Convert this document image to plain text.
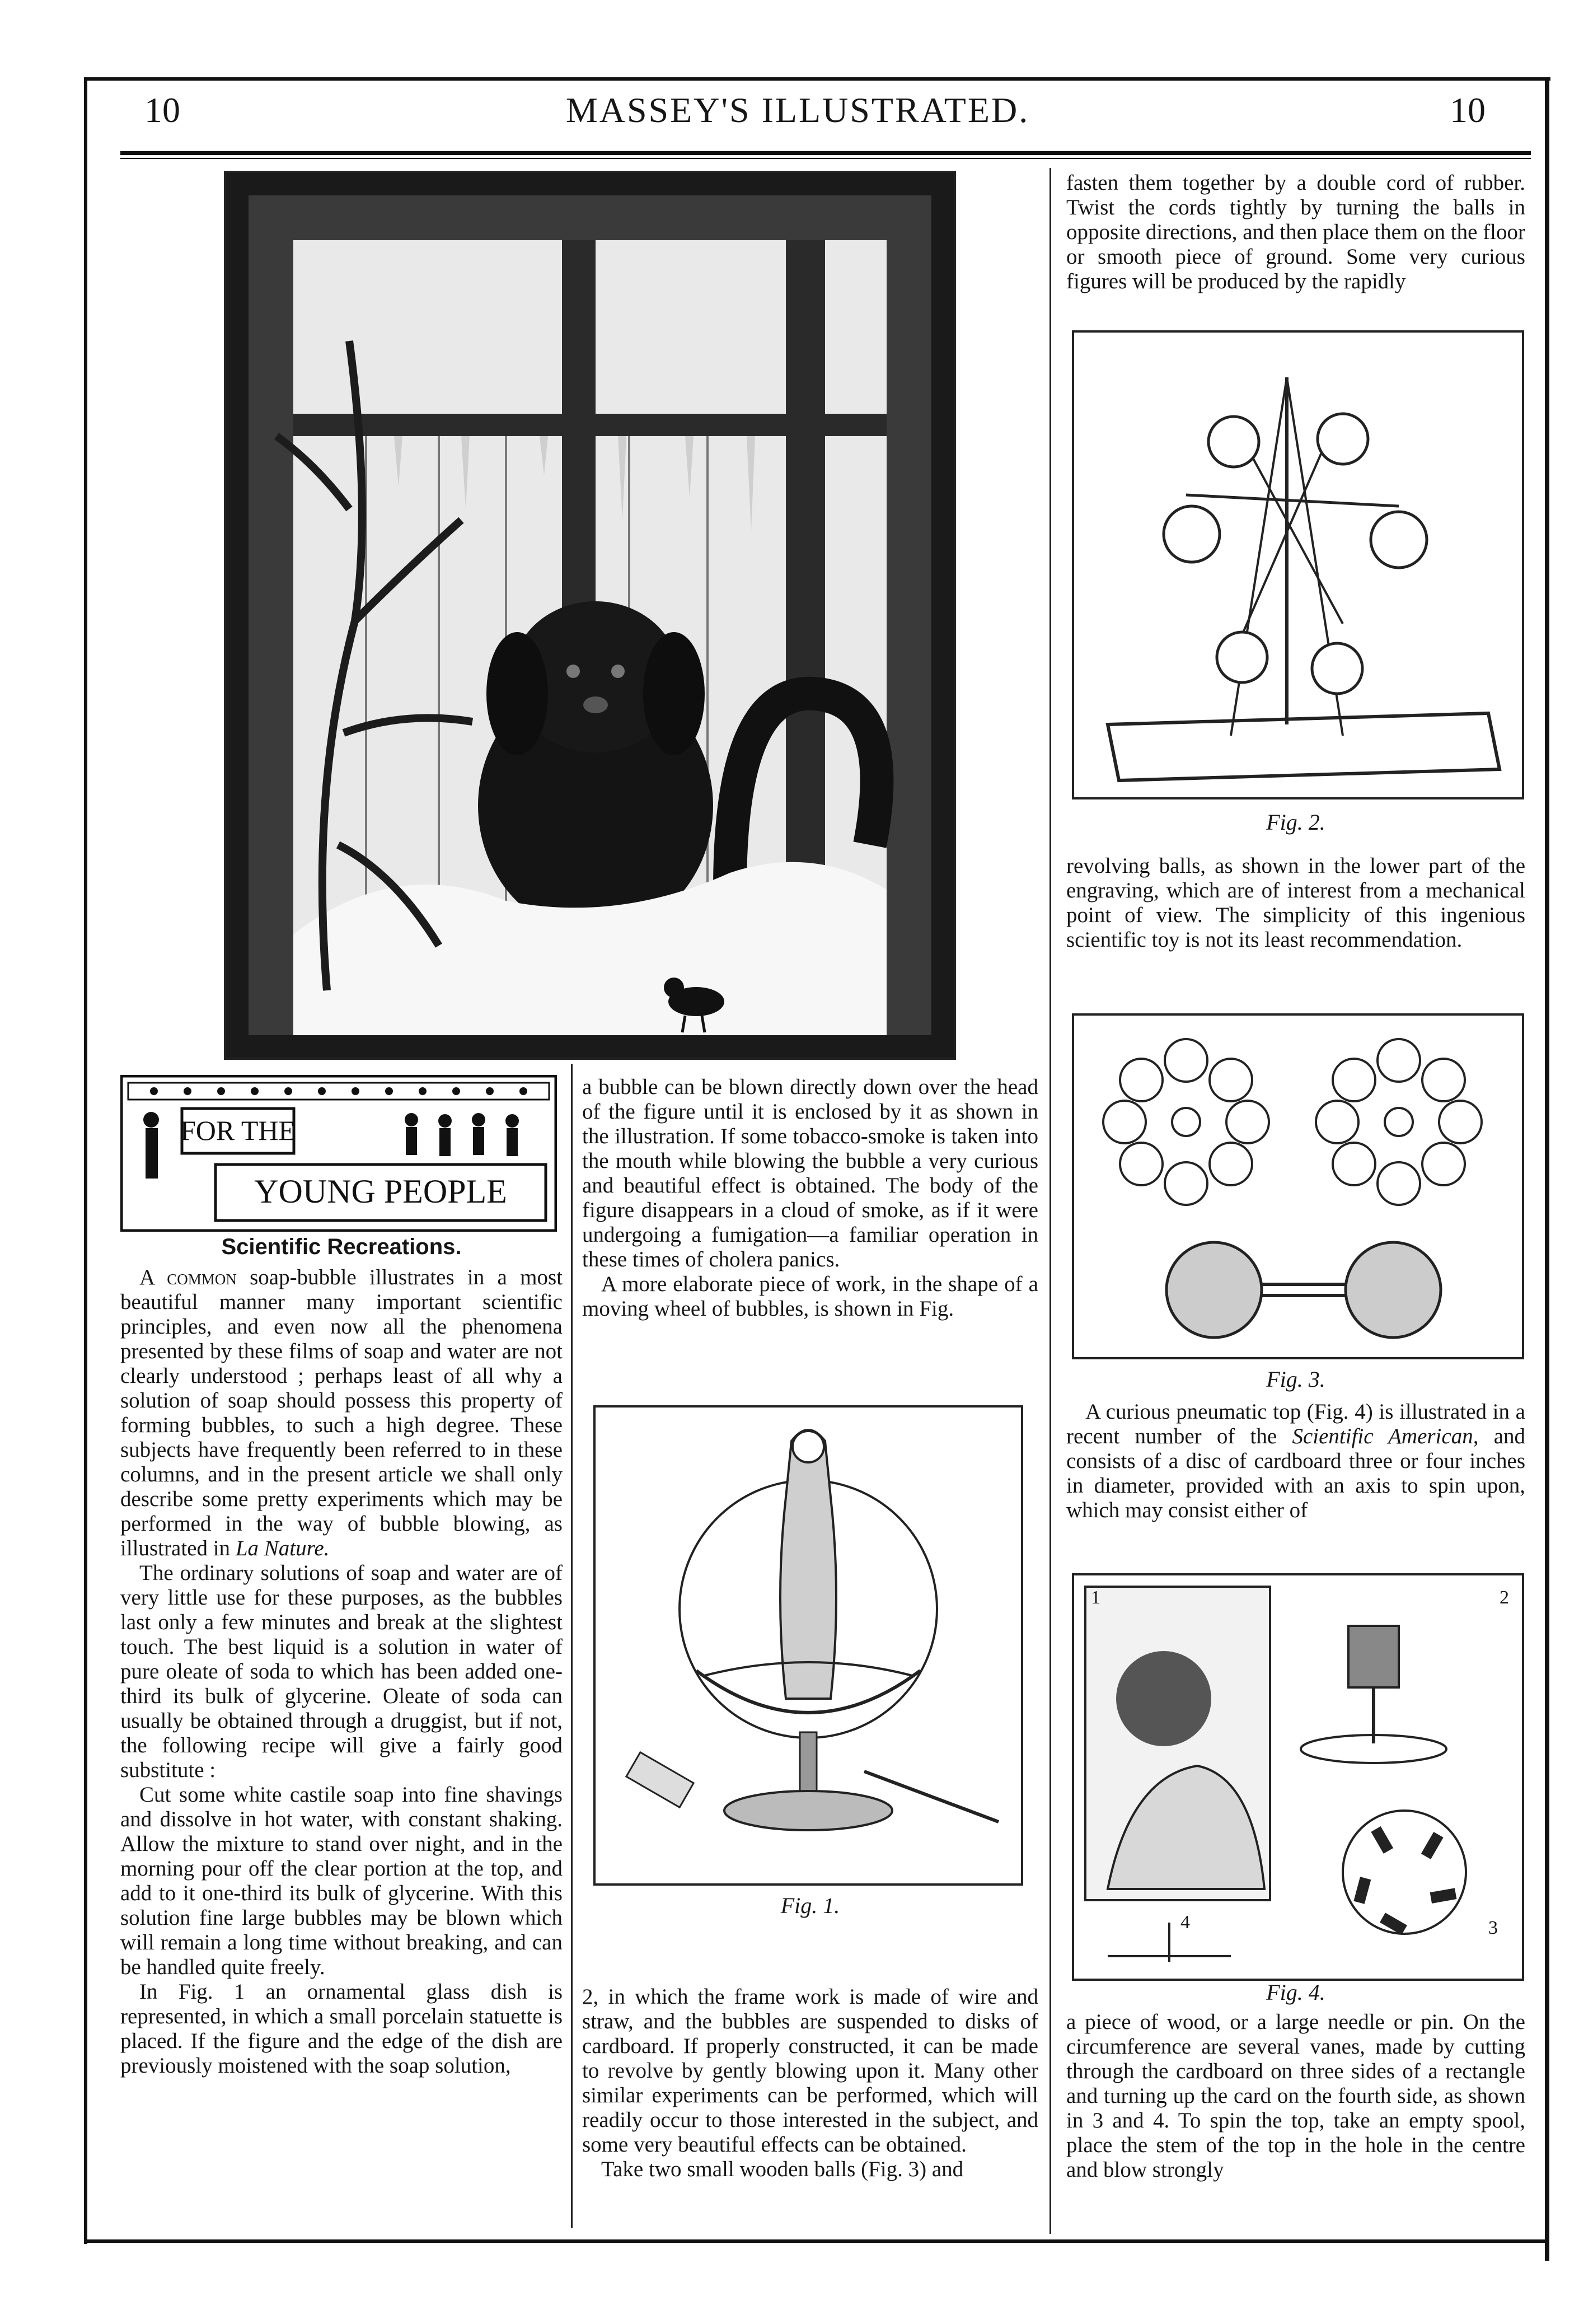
10	MASSEY'S ILLUSTRATED.	10
FOR THE
YOUNG PEOPLE
Scientific Recreations.

A common soap-bubble illustrates in a most beautiful manner many important scientific principles, and even now all the phenomena presented by these films of soap and water are not clearly understood ; perhaps least of all why a solution of soap should possess this property of forming bubbles, to such a high degree. These subjects have frequently been referred to in these columns, and in the present article we shall only describe some pretty experiments which may be performed in the way of bubble blowing, as illustrated in La Nature.

The ordinary solutions of soap and water are of very little use for these purposes, as the bubbles last only a few minutes and break at the slightest touch. The best liquid is a solution in water of pure oleate of soda to which has been added one-third its bulk of glycerine. Oleate of soda can usually be obtained through a druggist, but if not, the following recipe will give a fairly good substitute :

Cut some white castile soap into fine shavings and dissolve in hot water, with constant shaking. Allow the mixture to stand over night, and in the morning pour off the clear portion at the top, and add to it one-third its bulk of glycerine. With this solution fine large bubbles may be blown which will remain a long time without breaking, and can be handled quite freely.

In Fig. 1 an ornamental glass dish is represented, in which a small porcelain statuette is placed. If the figure and the edge of the dish are previously moistened with the soap solution,

a bubble can be blown directly down over the head of the figure until it is enclosed by it as shown in the illustration. If some tobacco-smoke is taken into the mouth while blowing the bubble a very curious and beautiful effect is obtained. The body of the figure disappears in a cloud of smoke, as if it were undergoing a fumigation—a familiar operation in these times of cholera panics.

A more elaborate piece of work, in the shape of a moving wheel of bubbles, is shown in Fig.

Fig. 1.

2, in which the frame work is made of wire and straw, and the bubbles are suspended to disks of cardboard. If properly constructed, it can be made to revolve by gently blowing upon it. Many other similar experiments can be performed, which will readily occur to those interested in the subject, and some very beautiful effects can be obtained.

Take two small wooden balls (Fig. 3) and

fasten them together by a double cord of rubber. Twist the cords tightly by turning the balls in opposite directions, and then place them on the floor or smooth piece of ground. Some very curious figures will be produced by the rapidly

Fig. 2.

revolving balls, as shown in the lower part of the engraving, which are of interest from a mechanical point of view. The simplicity of this ingenious scientific toy is not its least recommendation.

Fig. 3.

A curious pneumatic top (Fig. 4) is illustrated in a recent number of the Scientific American, and consists of a disc of cardboard three or four inches in diameter, provided with an axis to spin upon, which may consist either of

1	2
3
4
Fig. 4.

a piece of wood, or a large needle or pin. On the circumference are several vanes, made by cutting through the cardboard on three sides of a rectangle and turning up the card on the fourth side, as shown in 3 and 4. To spin the top, take an empty spool, place the stem of the top in the hole in the centre and blow strongly
